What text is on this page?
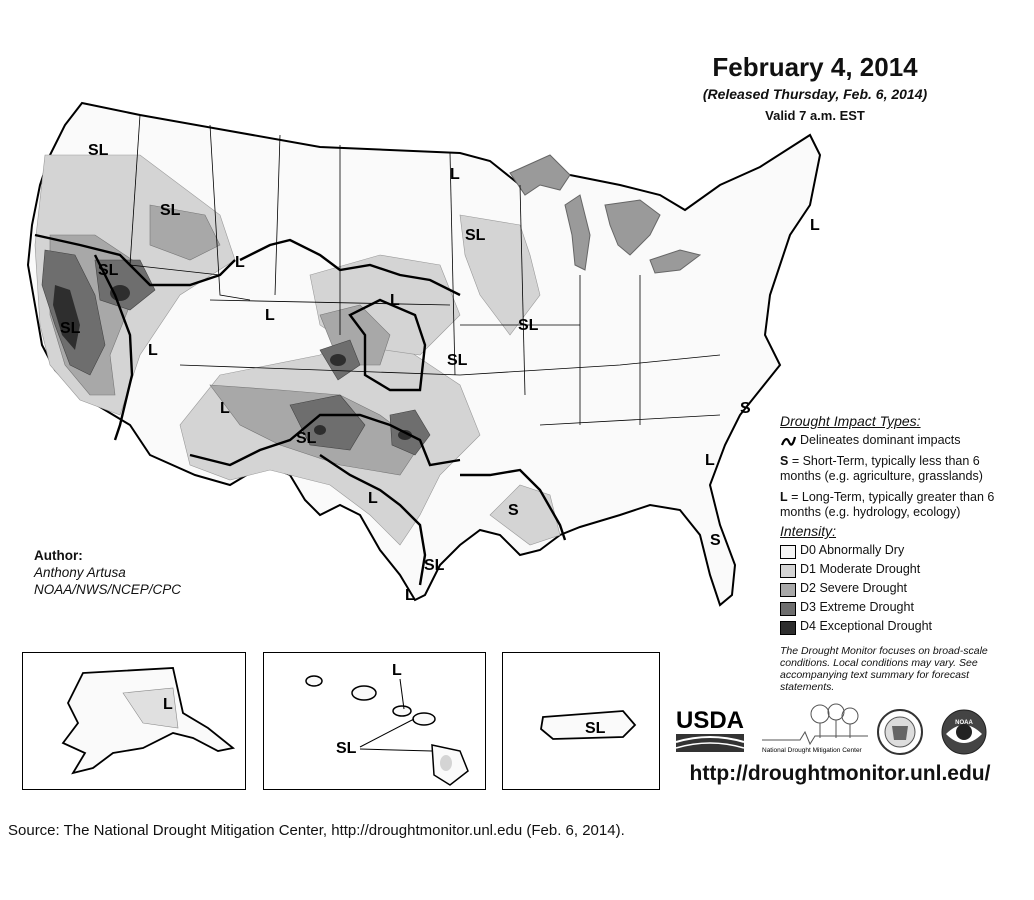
February 4, 2014
(Released Thursday, Feb. 6, 2014)
Valid 7 a.m. EST
SL
SL
SL
SL
L
SL
L
L
L
L
SL
SL
L
SL
L
S
SL
L
S
L
S
L
Drought Impact Types:
Delineates dominant impacts

S = Short-Term, typically less than 6 months (e.g. agriculture, grasslands)

L = Long-Term, typically greater than 6 months (e.g. hydrology, ecology)

Intensity:
D0 Abnormally Dry
D1 Moderate Drought
D2 Severe Drought
D3 Extreme Drought
D4 Exceptional Drought
The Drought Monitor focuses on broad-scale conditions. Local conditions may vary. See accompanying text summary for forecast statements.
Author:
Anthony Artusa
NOAA/NWS/NCEP/CPC
L
L
SL
SL	USDA
National Drought Mitigation Center
NOAA
http://droughtmonitor.unl.edu/
Source: The National Drought Mitigation Center, http://droughtmonitor.unl.edu (Feb. 6, 2014).
